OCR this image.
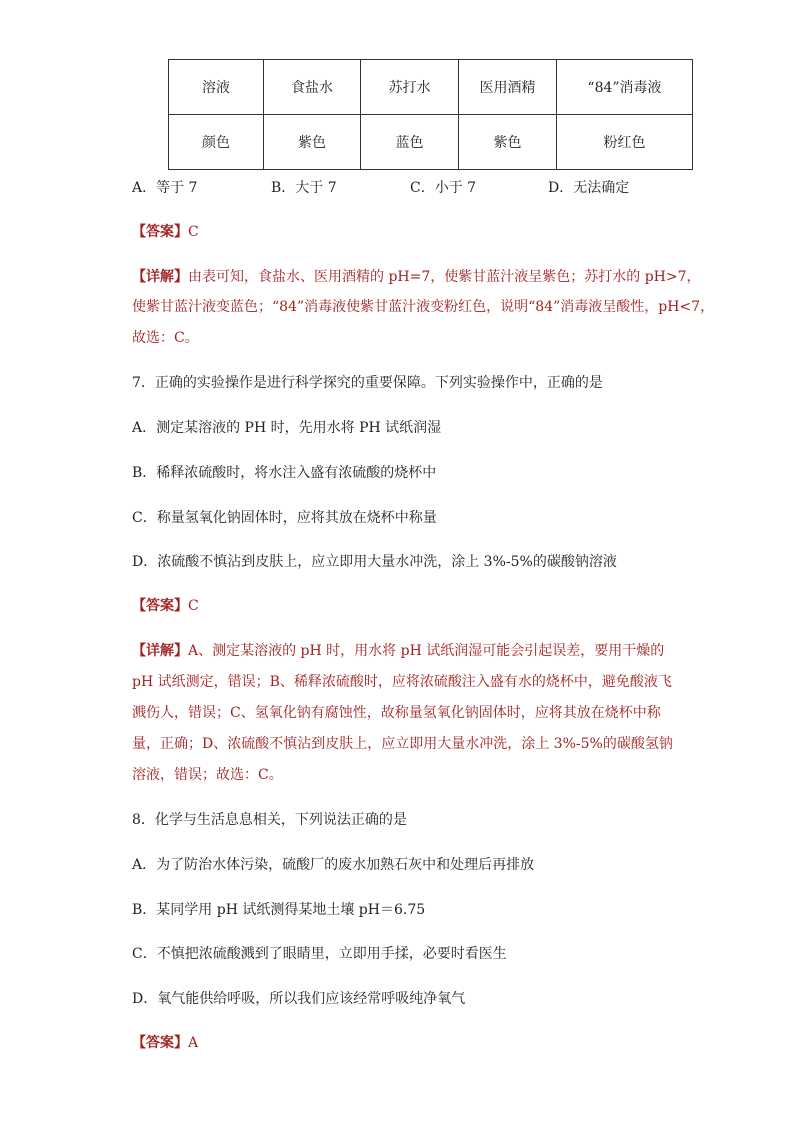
溶液	食盐水	苏打水	医用酒精	“84”消毒液
颜色	紫色	蓝色	紫色	粉红色
A．等于 7	B．大于 7	C．小于 7	D．无法确定
【答案】C
【详解】由表可知，食盐水、医用酒精的 pH=7，使紫甘蓝汁液呈紫色；苏打水的 pH>7，
使紫甘蓝汁液变蓝色；“84”消毒液使紫甘蓝汁液变粉红色，说明“84”消毒液呈酸性，pH<7，
故选：C。
7．正确的实验操作是进行科学探究的重要保障。下列实验操作中，正确的是
A．测定某溶液的 PH 时，先用水将 PH 试纸润湿
B．稀释浓硫酸时，将水注入盛有浓硫酸的烧杯中
C．称量氢氧化钠固体时，应将其放在烧杯中称量
D．浓硫酸不慎沾到皮肤上，应立即用大量水冲洗，涂上 3%-5%的碳酸钠溶液
【答案】C
【详解】A、测定某溶液的 pH 时，用水将 pH 试纸润湿可能会引起误差，要用干燥的
pH 试纸测定，错误；B、稀释浓硫酸时，应将浓硫酸注入盛有水的烧杯中，避免酸液飞
溅伤人，错误；C、氢氧化钠有腐蚀性，故称量氢氧化钠固体时，应将其放在烧杯中称
量，正确；D、浓硫酸不慎沾到皮肤上，应立即用大量水冲洗，涂上 3%-5%的碳酸氢钠
溶液，错误；故选：C。
8．化学与生活息息相关，下列说法正确的是
A．为了防治水体污染，硫酸厂的废水加熟石灰中和处理后再排放
B．某同学用 pH 试纸测得某地土壤 pH＝6.75
C．不慎把浓硫酸溅到了眼睛里，立即用手揉，必要时看医生
D．氧气能供给呼吸，所以我们应该经常呼吸纯净氧气
【答案】A
